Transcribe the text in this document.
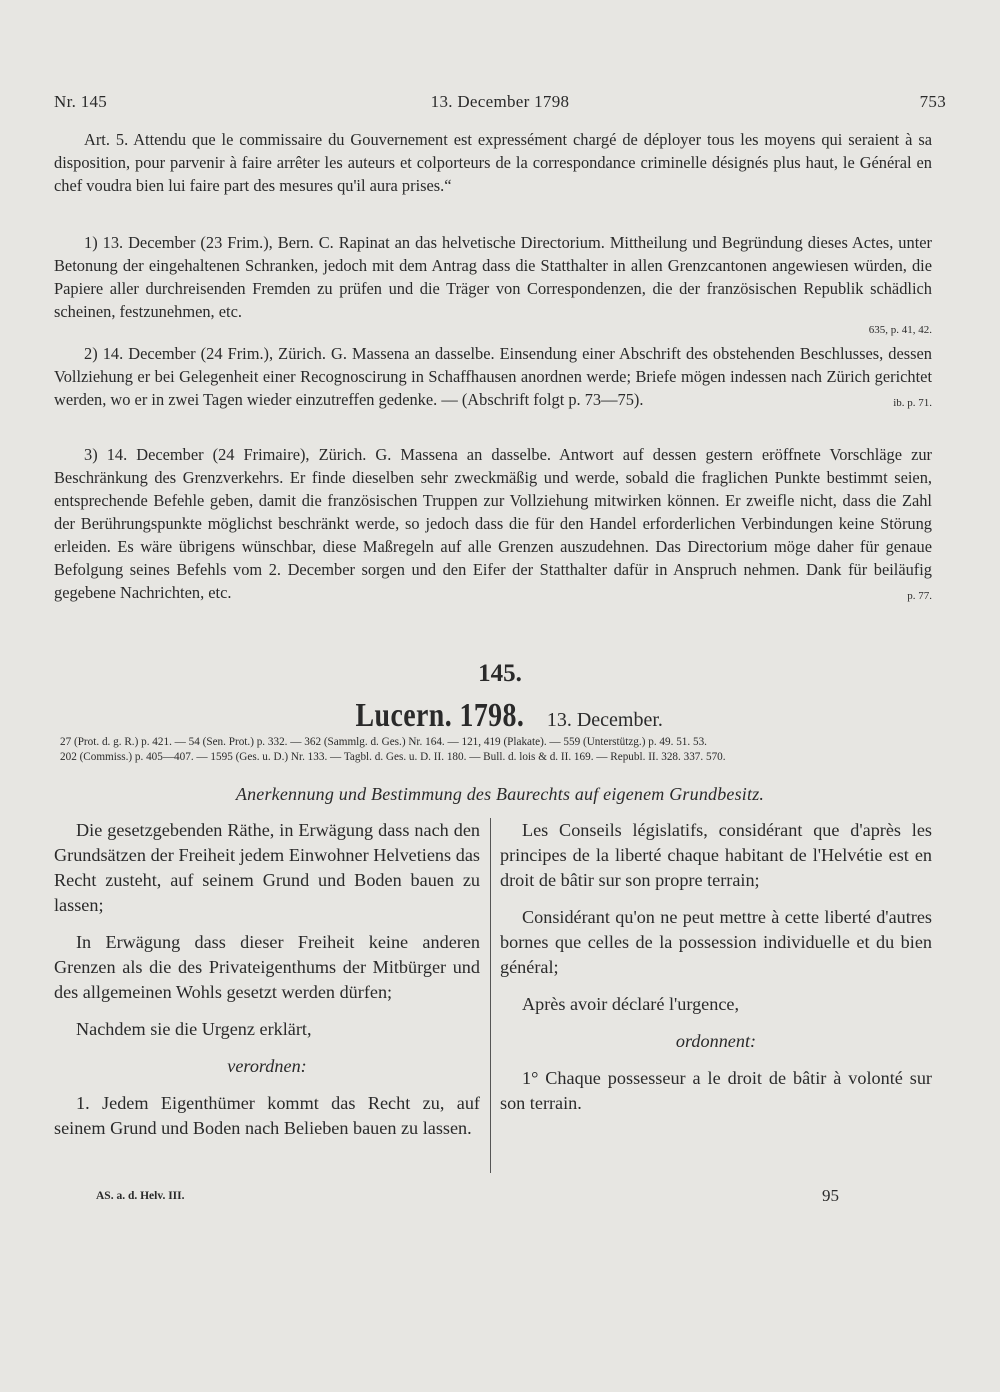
Nr. 145	13. December 1798	753

Art. 5. Attendu que le commissaire du Gouvernement est expressément chargé de déployer tous les moyens qui seraient à sa disposition, pour parvenir à faire arrêter les auteurs et colporteurs de la correspondance criminelle désignés plus haut, le Général en chef voudra bien lui faire part des mesures qu'il aura prises.“

1) 13. December (23 Frim.), Bern. C. Rapinat an das helvetische Directorium. Mittheilung und Begründung dieses Actes, unter Betonung der eingehaltenen Schranken, jedoch mit dem Antrag dass die Statthalter in allen Grenzcantonen angewiesen würden, die Papiere aller durchreisenden Fremden zu prüfen und die Träger von Correspondenzen, die der französischen Republik schädlich scheinen, festzunehmen, etc.

635, p. 41, 42.

2) 14. December (24 Frim.), Zürich. G. Massena an dasselbe. Einsendung einer Abschrift des obstehenden Beschlusses, dessen Vollziehung er bei Gelegenheit einer Recognoscirung in Schaffhausen anordnen werde; Briefe mögen indessen nach Zürich gerichtet werden, wo er in zwei Tagen wieder einzutreffen gedenke. — (Abschrift folgt p. 73—75).	ib. p. 71.

3) 14. December (24 Frimaire), Zürich. G. Massena an dasselbe. Antwort auf dessen gestern eröffnete Vorschläge zur Beschränkung des Grenzverkehrs. Er finde dieselben sehr zweckmäßig und werde, sobald die fraglichen Punkte bestimmt seien, entsprechende Befehle geben, damit die französischen Truppen zur Vollziehung mitwirken können. Er zweifle nicht, dass die Zahl der Berührungspunkte möglichst beschränkt werde, so jedoch dass die für den Handel erforderlichen Verbindungen keine Störung erleiden. Es wäre übrigens wünschbar, diese Maßregeln auf alle Grenzen auszudehnen. Das Directorium möge daher für genaue Befolgung seines Befehls vom 2. December sorgen und den Eifer der Statthalter dafür in Anspruch nehmen. Dank für beiläufig gegebene Nachrichten, etc.	p. 77.

145.
Lucern. 1798. 13. December.
27 (Prot. d. g. R.) p. 421. — 54 (Sen. Prot.) p. 332. — 362 (Sammlg. d. Ges.) Nr. 164. — 121, 419 (Plakate). — 559 (Unterstützg.) p. 49. 51. 53.
202 (Commiss.) p. 405—407. — 1595 (Ges. u. D.) Nr. 133. — Tagbl. d. Ges. u. D. II. 180. — Bull. d. lois & d. II. 169. — Republ. II. 328. 337. 570.
Anerkennung und Bestimmung des Baurechts auf eigenem Grundbesitz.

Die gesetzgebenden Räthe, in Erwägung dass nach den Grundsätzen der Freiheit jedem Einwohner Helvetiens das Recht zusteht, auf seinem Grund und Boden bauen zu lassen;

In Erwägung dass dieser Freiheit keine anderen Grenzen als die des Privateigenthums der Mitbürger und des allgemeinen Wohls gesetzt werden dürfen;

Nachdem sie die Urgenz erklärt,

verordnen:

1. Jedem Eigenthümer kommt das Recht zu, auf seinem Grund und Boden nach Belieben bauen zu lassen.

Les Conseils législatifs, considérant que d'après les principes de la liberté chaque habitant de l'Helvétie est en droit de bâtir sur son propre terrain;

Considérant qu'on ne peut mettre à cette liberté d'autres bornes que celles de la possession individuelle et du bien général;

Après avoir déclaré l'urgence,

ordonnent:

1° Chaque possesseur a le droit de bâtir à volonté sur son terrain.

AS. a. d. Helv. III.	95
